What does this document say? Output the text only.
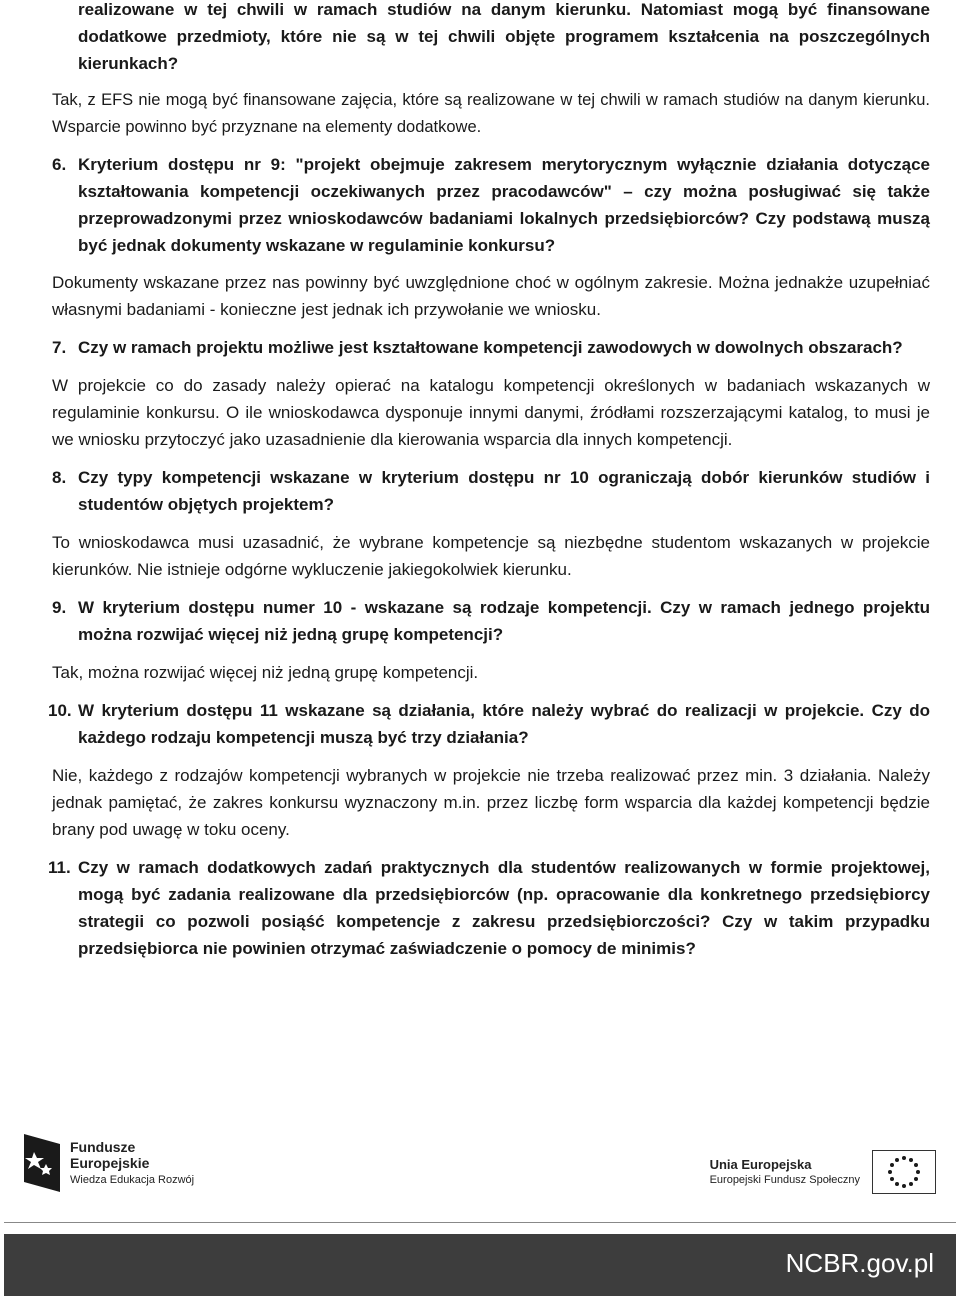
realizowane w tej chwili w ramach studiów na danym kierunku. Natomiast mogą być finansowane dodatkowe przedmioty, które nie są w tej chwili objęte programem kształcenia na poszczególnych kierunkach?

Tak, z EFS nie mogą być finansowane zajęcia, które są realizowane w tej chwili w ramach studiów na danym kierunku. Wsparcie powinno być przyznane na elementy dodatkowe.

6. Kryterium dostępu nr 9: "projekt obejmuje zakresem merytorycznym wyłącznie działania dotyczące kształtowania kompetencji oczekiwanych przez pracodawców" – czy można posługiwać się także przeprowadzonymi przez wnioskodawców badaniami lokalnych przedsiębiorców? Czy podstawą muszą być jednak dokumenty wskazane w regulaminie konkursu?

Dokumenty wskazane przez nas powinny być uwzględnione choć w ogólnym zakresie. Można jednakże uzupełniać własnymi badaniami - konieczne jest jednak ich przywołanie we wniosku.

7. Czy w ramach projektu możliwe jest kształtowane kompetencji zawodowych w dowolnych obszarach?

W projekcie co do zasady należy opierać na katalogu kompetencji określonych w badaniach wskazanych w regulaminie konkursu. O ile wnioskodawca dysponuje innymi danymi, źródłami rozszerzającymi katalog, to musi je we wniosku przytoczyć jako uzasadnienie dla kierowania wsparcia dla innych kompetencji.

8. Czy typy kompetencji wskazane w kryterium dostępu nr 10 ograniczają dobór kierunków studiów i studentów objętych projektem?

To wnioskodawca musi uzasadnić, że wybrane kompetencje są niezbędne studentom wskazanych w projekcie kierunków. Nie istnieje odgórne wykluczenie jakiegokolwiek kierunku.

9. W kryterium dostępu numer 10 - wskazane są rodzaje kompetencji. Czy w ramach jednego projektu można rozwijać więcej niż jedną grupę kompetencji?

Tak, można rozwijać więcej niż jedną grupę kompetencji.

10. W kryterium dostępu 11 wskazane są działania, które należy wybrać do realizacji w projekcie. Czy do każdego rodzaju kompetencji muszą być trzy działania?

Nie, każdego z rodzajów kompetencji wybranych w projekcie nie trzeba realizować przez min. 3 działania. Należy jednak pamiętać, że zakres konkursu wyznaczony m.in. przez liczbę form wsparcia dla każdej kompetencji będzie brany pod uwagę w toku oceny.

11. Czy w ramach dodatkowych zadań praktycznych dla studentów realizowanych w formie projektowej, mogą być zadania realizowane dla przedsiębiorców (np. opracowanie dla konkretnego przedsiębiorcy strategii co pozwoli posiąść kompetencje z zakresu przedsiębiorczości? Czy w takim przypadku przedsiębiorca nie powinien otrzymać zaświadczenie o pomocy de minimis?

Fundusze
Europejskie
Wiedza Edukacja Rozwój
Unia Europejska
Europejski Fundusz Społeczny
NCBR.gov.pl
